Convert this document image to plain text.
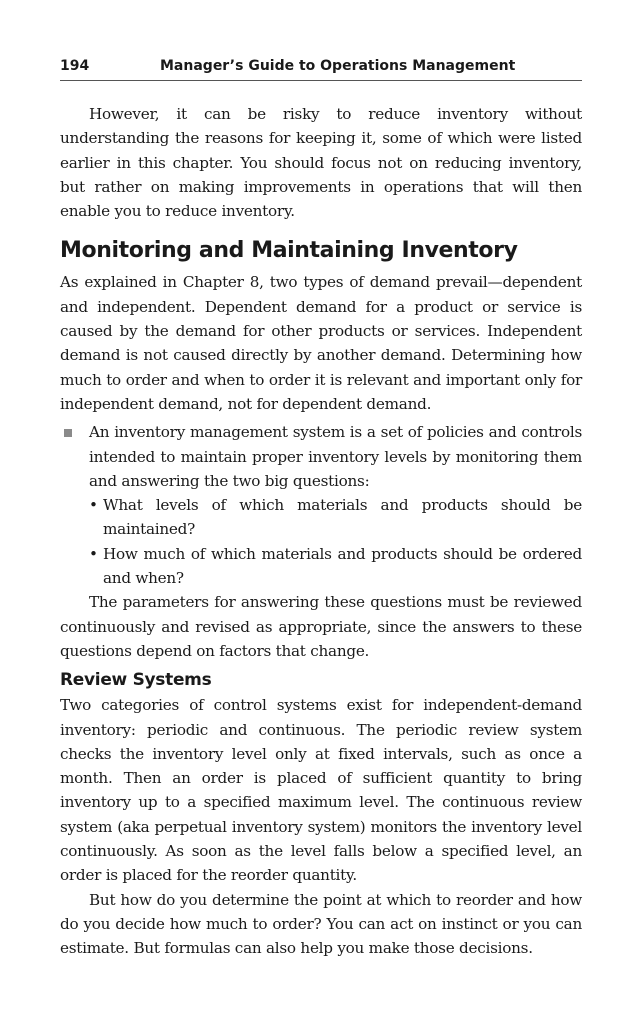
194	Manager’s Guide to Operations Management

However, it can be risky to reduce inventory without understanding the reasons for keeping it, some of which were listed earlier in this chapter. You should focus not on reducing inventory, but rather on making improvements in operations that will then enable you to reduce inventory.

Monitoring and Maintaining Inventory

As explained in Chapter 8, two types of demand prevail—dependent and independent. Dependent demand for a product or service is caused by the demand for other products or services. Independent demand is not caused directly by another demand. Determining how much to order and when to order it is relevant and important only for independent demand, not for dependent demand.

An inventory management system is a set of policies and controls intended to maintain proper inventory levels by monitoring them and answering the two big questions:
• What levels of which materials and products should be maintained?
• How much of which materials and products should be ordered and when?

The parameters for answering these questions must be reviewed continuously and revised as appropriate, since the answers to these questions depend on factors that change.

Review Systems

Two categories of control systems exist for independent-demand inventory: periodic and continuous. The periodic review system checks the inventory level only at fixed intervals, such as once a month. Then an order is placed of sufficient quantity to bring inventory up to a specified maximum level. The continuous review system (aka perpetual inventory system) monitors the inventory level continuously. As soon as the level falls below a specified level, an order is placed for the reorder quantity.

But how do you determine the point at which to reorder and how do you decide how much to order? You can act on instinct or you can estimate. But formulas can also help you make those decisions.
